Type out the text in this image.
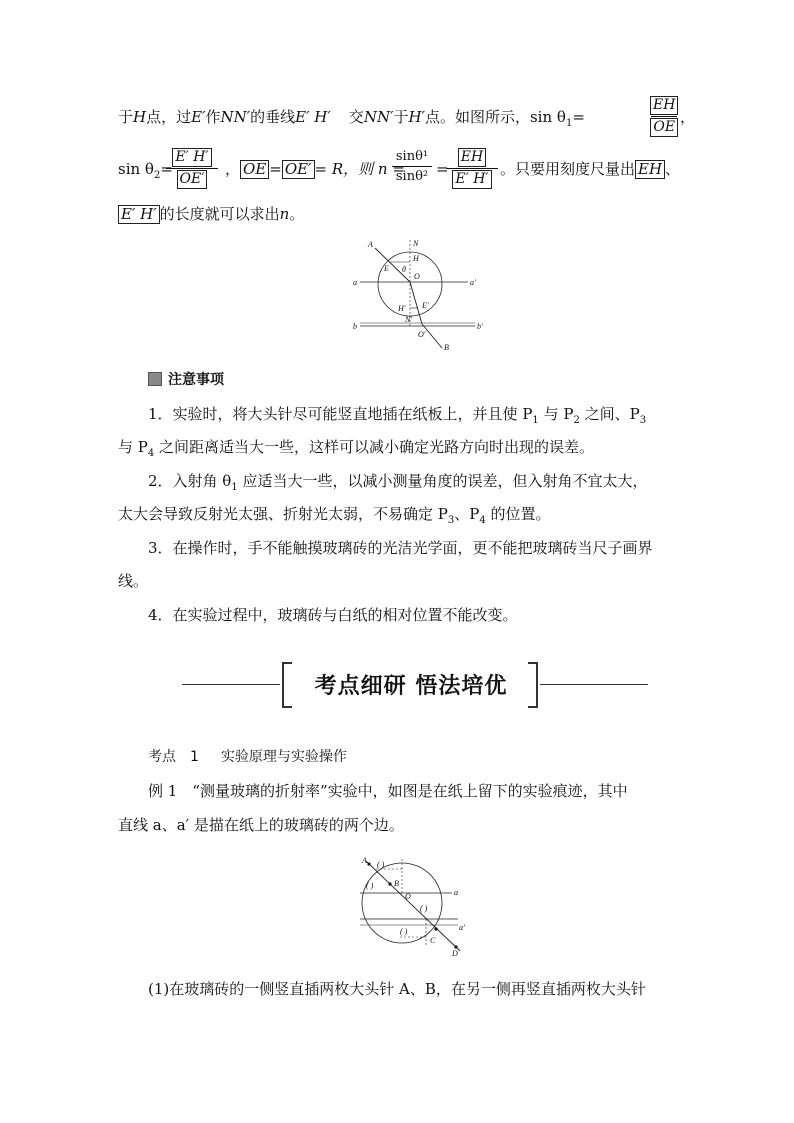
于H点，过E′作NN′的垂线E′ H′ 交NN′于H′点。如图所示，$\sin \theta_1=$	$\frac{EH}{OE}$ ，
$\sin \theta_2=$
$\frac{E' H'}{OE'}$ ， OE = OE′ = R，则 n =
sinθ¹
sinθ² =
$\frac{EH}{E' H'}$ 。只要用刻度尺量出 EH 、
E′ H′ 的长度就可以求出n。
A	N
H
E θ
O
a	a′
H′ E′
N′
b	b′
O′
B
注意事项
1．实验时，将大头针尽可能竖直地插在纸板上，并且使 $P_1$ 与 $P_2$ 之间、$P_3$
与 $P_4$ 之间距离适当大一些，这样可以减小确定光路方向时出现的误差。
2．入射角 $\theta_1$ 应适当大一些，以减小测量角度的误差，但入射角不宜太大，
太大会导致反射光太强、折射光太弱，不易确定 $P_3$、$P_4$ 的位置。
3．在操作时，手不能触摸玻璃砖的光洁光学面，更不能把玻璃砖当尺子画界
线。
4．在实验过程中，玻璃砖与白纸的相对位置不能改变。
考点细研 悟法培优
考点　1 实验原理与实验操作
例 1　“测量玻璃的折射率”实验中，如图是在纸上留下的实验痕迹，其中
直线 a、a′ 是描在纸上的玻璃砖的两个边。
A ( )
( )	B
O	a
( )
a′
( )
C
D
(1)在玻璃砖的一侧竖直插两枚大头针 A、B，在另一侧再竖直插两枚大头针
